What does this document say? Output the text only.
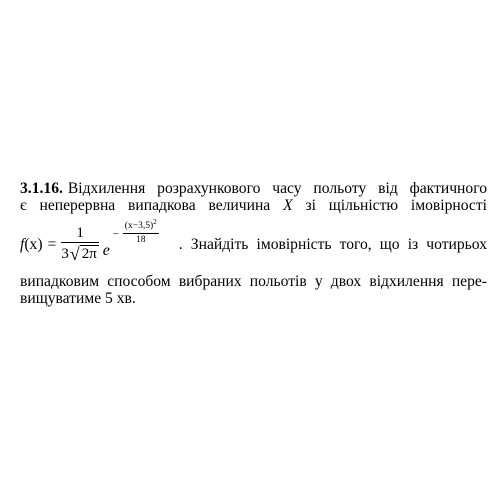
3.1.16. Відхилення розрахункового часу польоту від фактичного
є неперервна випадкова величина X зі щільністю імовірності
$f(x) = \frac{1}{3 √ 2\pi}$ e
−
$(x-3,5)^2$
18	. Знайдіть імовірність того, що із чотирьох
випадковим способом вибраних польотів у двох відхилення пере-
вищуватиме 5 хв.
